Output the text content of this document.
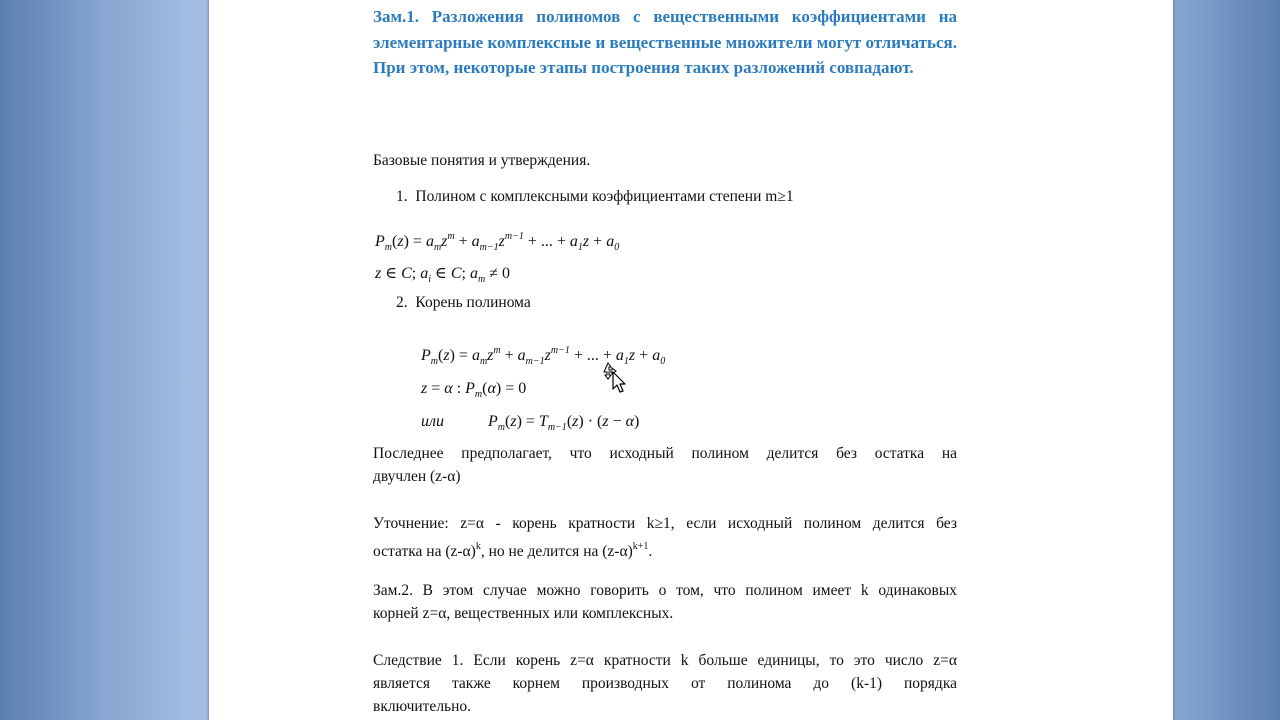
Зам.1. Разложения полиномов с вещественными коэффициентами на элементарные комплексные и вещественные множители могут отличаться. При этом, некоторые этапы построения таких разложений совпадают.
Базовые понятия и утверждения.
1. Полином с комплексными коэффициентами степени m≥1
$P_m(z) = a_mz^m + a_{m-1}z^{m-1}$ + ... + $a_1z + a_0$
z ∈ C; $a_i$ ∈ C; $a_m \ne 0$
2. Корень полинома
$P_m(z) = a_mz^m + a_{m-1}z^{m-1}$ + ... + $a_1z + a_0$
z = α : $P_m(\alpha) = 0$
или	$P_m(z) = T_{m-1}(z) \cdot (z - \alpha)$
Последнее предполагает, что исходный полином делится без остатка на
двучлен (z-α)
Уточнение: z=α - корень кратности k≥1, если исходный полином делится без
остатка на $(z-\alpha)^k$, но не делится на $(z-\alpha)^{k+1}$.
Зам.2. В этом случае можно говорить о том, что полином имеет k одинаковых
корней z=α, вещественных или комплексных.
Следствие 1. Если корень z=α кратности k больше единицы, то это число z=α
является также корнем производных от полинома до (k-1) порядка
включительно.
